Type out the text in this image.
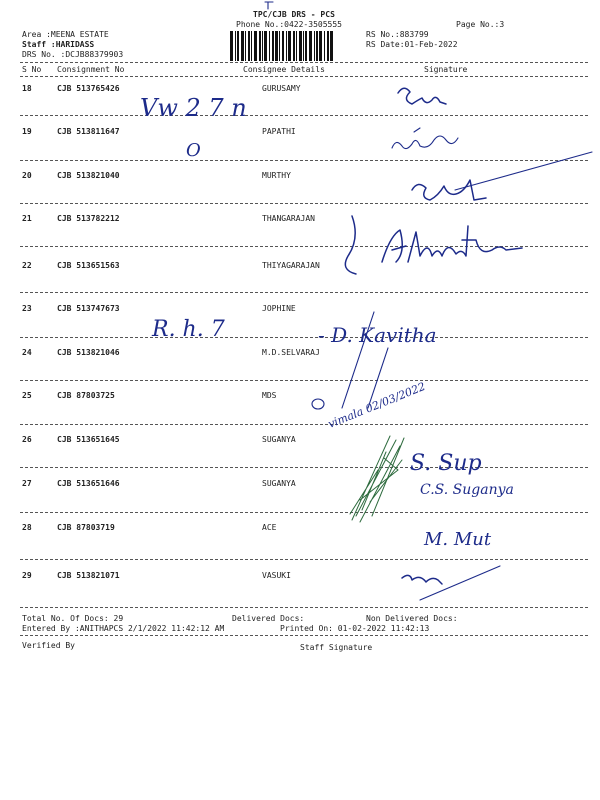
TPC/CJB DRS - PCS
Phone No.:0422-3505555	Page No.:3
Area :MEENA ESTATE
Staff :HARIDASS
DRS No. :DCJB88379903
RS No.:883799
RS Date:01-Feb-2022
S No Consignment No	Consignee Details	Signature
18	CJB 513765426	GURUSAMY
19	CJB 513811647	PAPATHI
20	CJB 513821040	MURTHY
21	CJB 513782212	THANGARAJAN
22	CJB 513651563	THIYAGARAJAN
23	CJB 513747673	JOPHINE
24	CJB 513821046	M.D.SELVARAJ
25	CJB 87803725	MDS
26	CJB 513651645	SUGANYA
27	CJB 513651646	SUGANYA
28	CJB 87803719	ACE
29	CJB 513821071	VASUKI
Total No. Of Docs: 29	Delivered Docs:	Non Delivered Docs:
Entered By :ANITHAPCS 2/1/2022 11:42:12 AM	Printed On: 01-02-2022 11:42:13
Verified By	Staff Signature
Vw 2 7 n
O
R. h. 7	- D. Kavitha
vimala 02/03/2022
S. Sup
C.S. Suganya
M. Mut
